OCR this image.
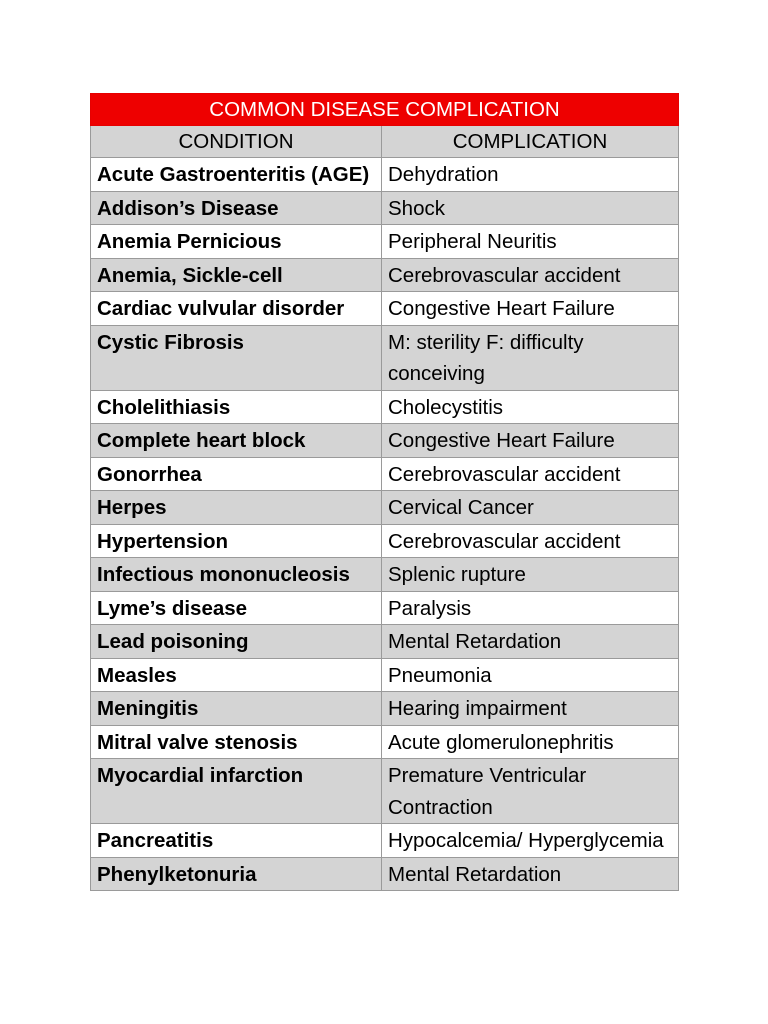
COMMON DISEASE COMPLICATION	
CONDITION	COMPLICATION
Acute Gastroenteritis (AGE)	Dehydration
Addison’s Disease	Shock
Anemia Pernicious	Peripheral Neuritis
Anemia, Sickle-cell	Cerebrovascular accident
Cardiac vulvular disorder	Congestive Heart Failure
Cystic Fibrosis	M: sterility F: difficulty conceiving
Cholelithiasis	Cholecystitis
Complete heart block	Congestive Heart Failure
Gonorrhea	Cerebrovascular accident
Herpes	Cervical Cancer
Hypertension	Cerebrovascular accident
Infectious mononucleosis	Splenic rupture
Lyme’s disease	Paralysis
Lead poisoning	Mental Retardation
Measles	Pneumonia
Meningitis	Hearing impairment
Mitral valve stenosis	Acute glomerulonephritis
Myocardial infarction	Premature Ventricular Contraction
Pancreatitis	Hypocalcemia/ Hyperglycemia
Phenylketonuria	Mental Retardation
